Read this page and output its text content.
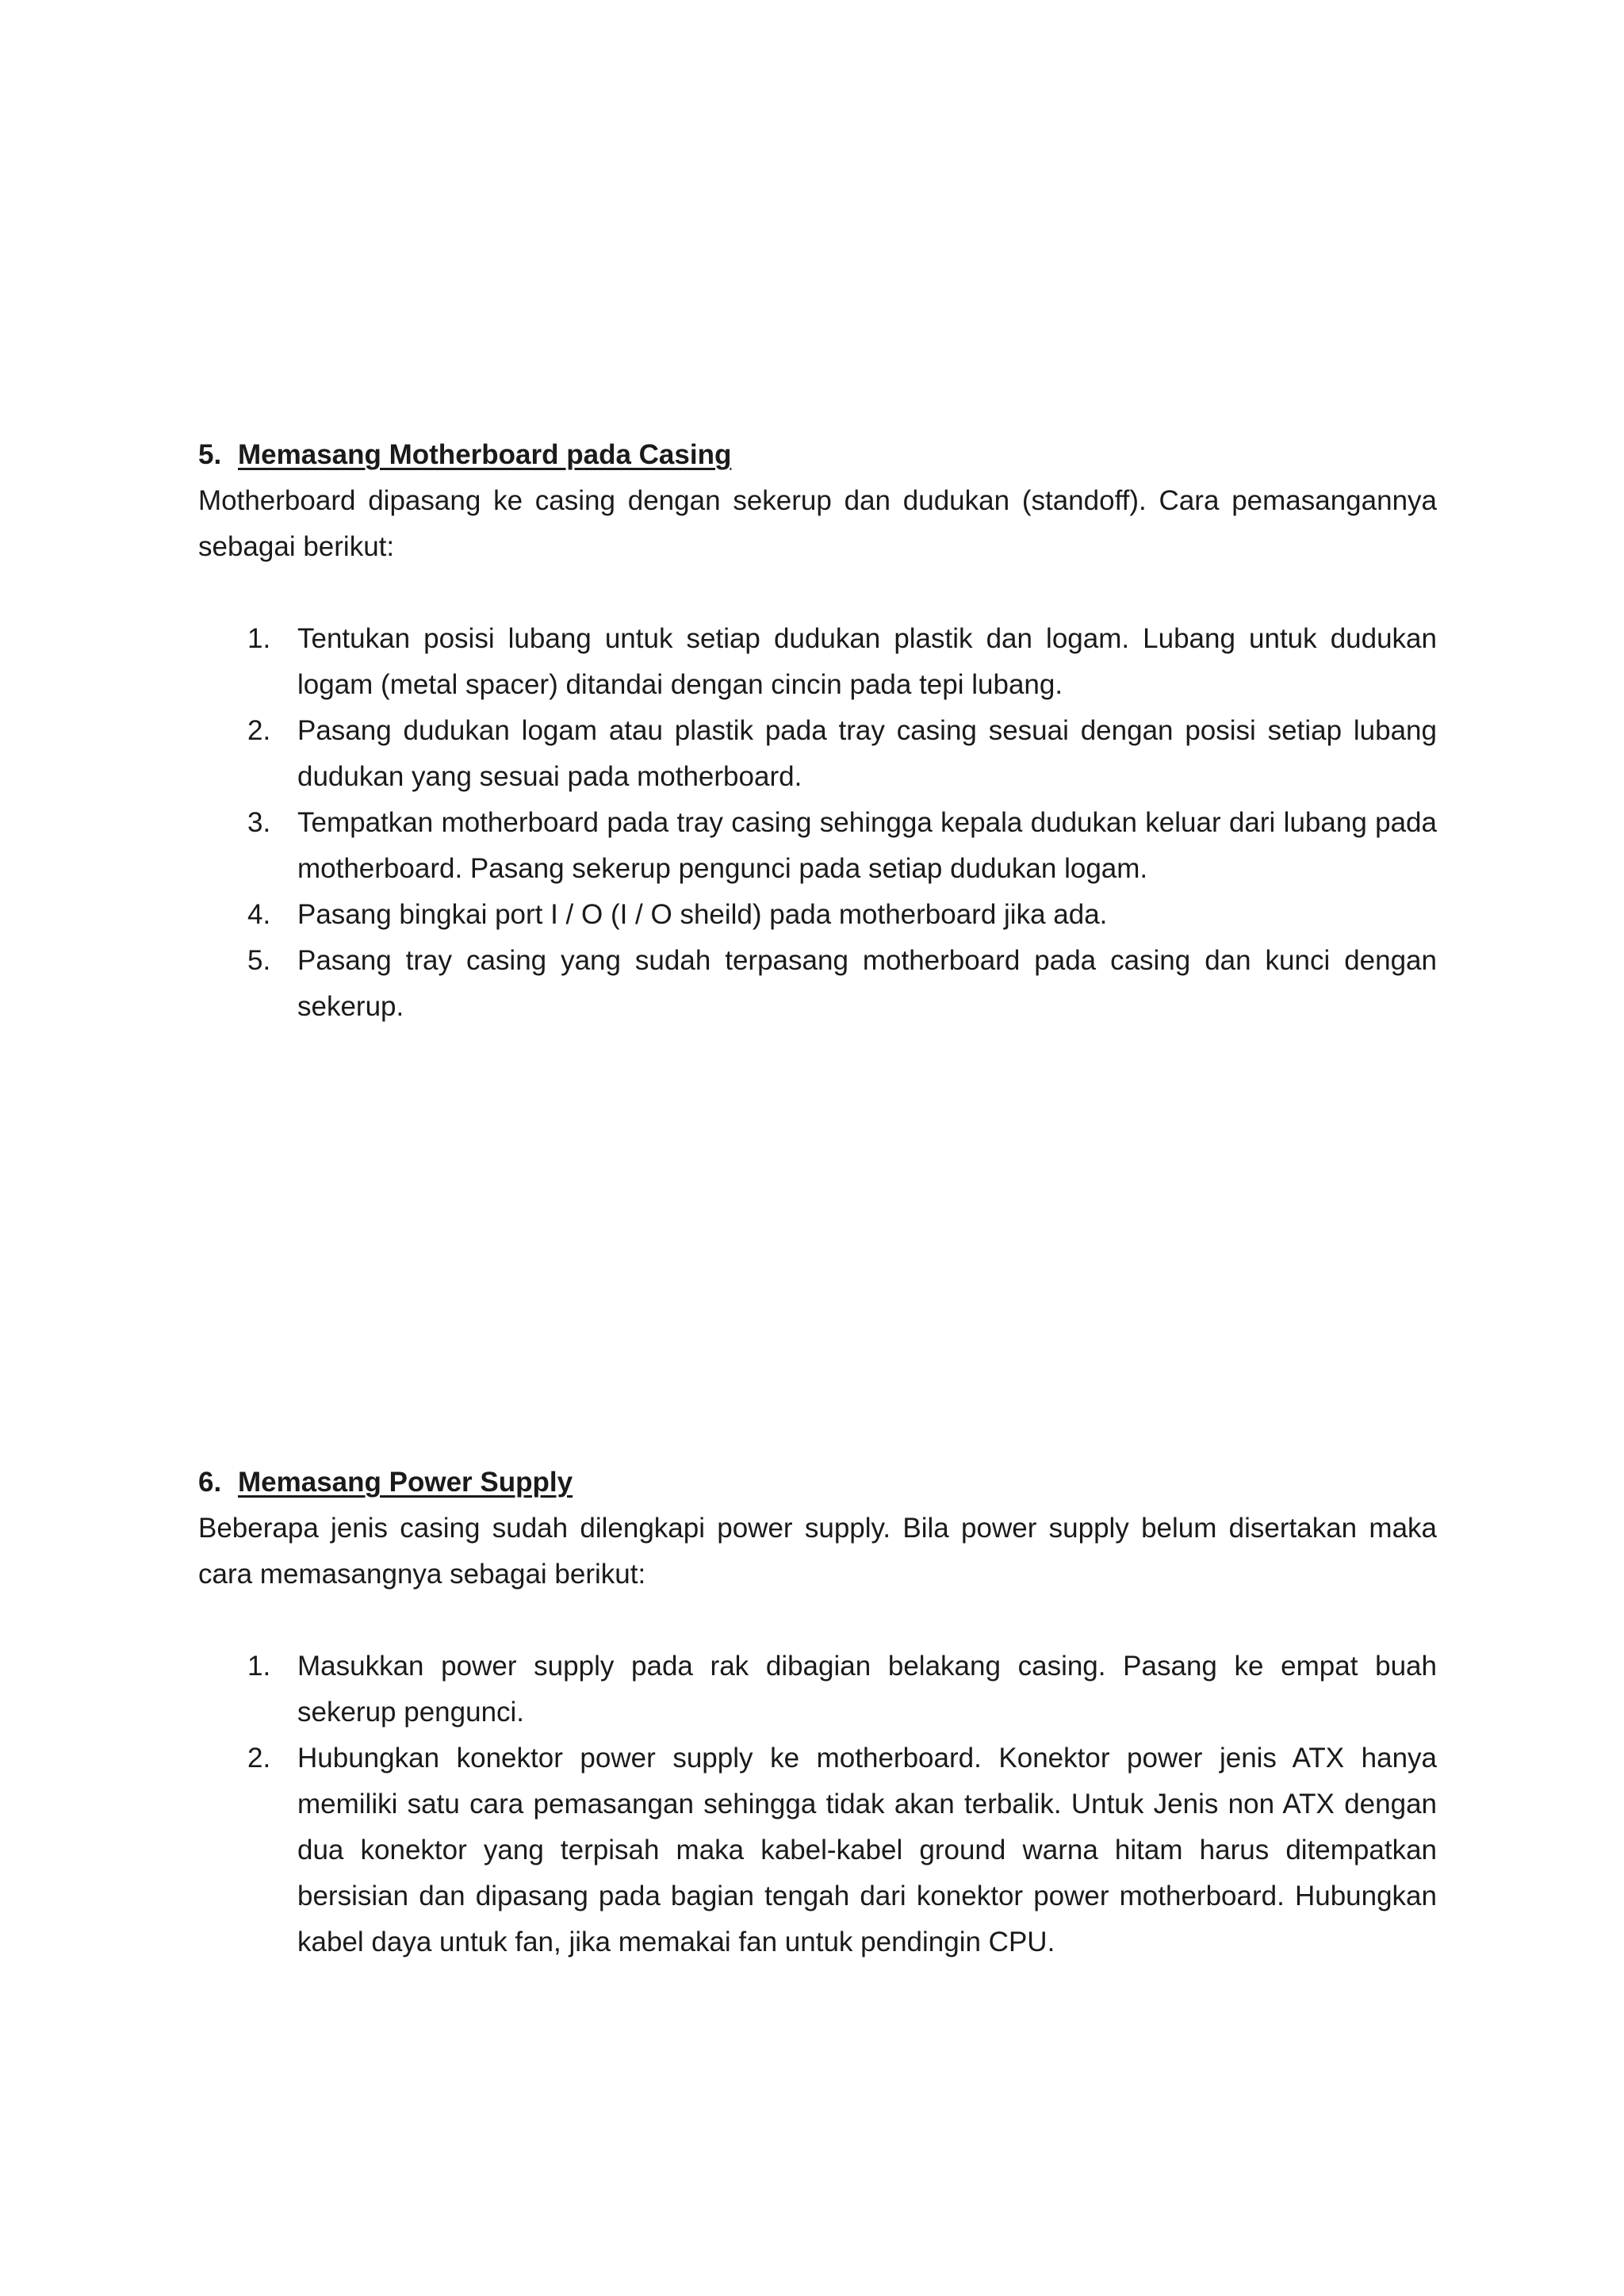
5. Memasang Motherboard pada Casing

Motherboard dipasang ke casing dengan sekerup dan dudukan (standoff). Cara pemasangannya sebagai berikut:

1. Tentukan posisi lubang untuk setiap dudukan plastik dan logam. Lubang untuk dudukan logam (metal spacer) ditandai dengan cincin pada tepi lubang.
2. Pasang dudukan logam atau plastik pada tray casing sesuai dengan posisi setiap lubang dudukan yang sesuai pada motherboard.
3. Tempatkan motherboard pada tray casing sehingga kepala dudukan keluar dari lubang pada motherboard. Pasang sekerup pengunci pada setiap dudukan logam.
4. Pasang bingkai port I / O (I / O sheild) pada motherboard jika ada.
5. Pasang tray casing yang sudah terpasang motherboard pada casing dan kunci dengan sekerup.
6. Memasang Power Supply

Beberapa jenis casing sudah dilengkapi power supply. Bila power supply belum disertakan maka cara memasangnya sebagai berikut:

1. Masukkan power supply pada rak dibagian belakang casing. Pasang ke empat buah sekerup pengunci.
2. Hubungkan konektor power supply ke motherboard. Konektor power jenis ATX hanya memiliki satu cara pemasangan sehingga tidak akan terbalik. Untuk Jenis non ATX dengan dua konektor yang terpisah maka kabel-kabel ground warna hitam harus ditempatkan bersisian dan dipasang pada bagian tengah dari konektor power motherboard. Hubungkan kabel daya untuk fan, jika memakai fan untuk pendingin CPU.
